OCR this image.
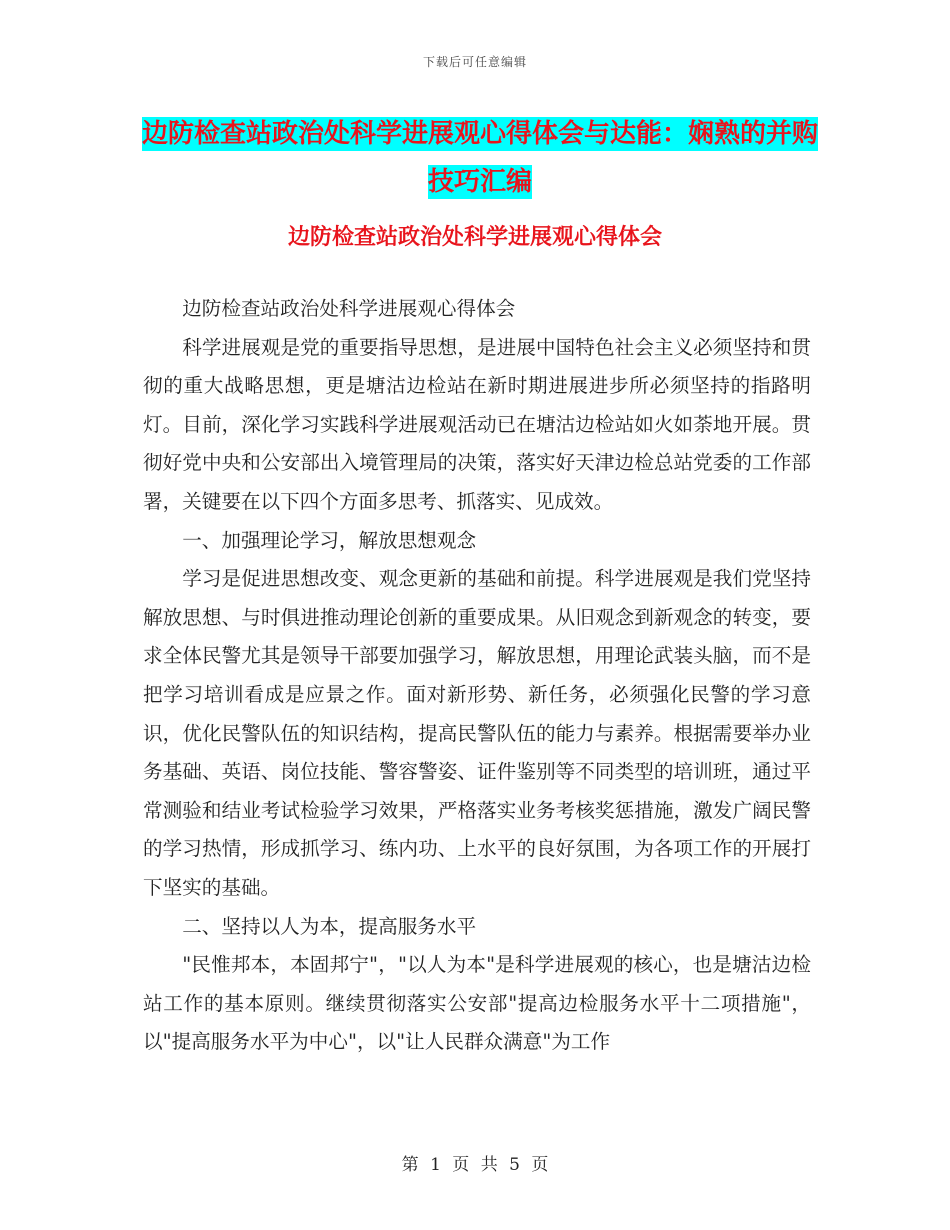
下载后可任意编辑
边防检查站政治处科学进展观心得体会与达能：娴熟的并购技巧汇编
边防检查站政治处科学进展观心得体会

边防检查站政治处科学进展观心得体会

科学进展观是党的重要指导思想，是进展中国特色社会主义必须坚持和贯彻的重大战略思想，更是塘沽边检站在新时期进展进步所必须坚持的指路明灯。目前，深化学习实践科学进展观活动已在塘沽边检站如火如荼地开展。贯彻好党中央和公安部出入境管理局的决策，落实好天津边检总站党委的工作部署，关键要在以下四个方面多思考、抓落实、见成效。

一、加强理论学习，解放思想观念

学习是促进思想改变、观念更新的基础和前提。科学进展观是我们党坚持解放思想、与时俱进推动理论创新的重要成果。从旧观念到新观念的转变，要求全体民警尤其是领导干部要加强学习，解放思想，用理论武装头脑，而不是把学习培训看成是应景之作。面对新形势、新任务，必须强化民警的学习意识，优化民警队伍的知识结构，提高民警队伍的能力与素养。根据需要举办业务基础、英语、岗位技能、警容警姿、证件鉴别等不同类型的培训班，通过平常测验和结业考试检验学习效果，严格落实业务考核奖惩措施，激发广阔民警的学习热情，形成抓学习、练内功、上水平的良好氛围，为各项工作的开展打下坚实的基础。

二、坚持以人为本，提高服务水平

"民惟邦本，本固邦宁"，"以人为本"是科学进展观的核心，也是塘沽边检站工作的基本原则。继续贯彻落实公安部"提高边检服务水平十二项措施"，以"提高服务水平为中心"，以"让人民群众满意"为工作

第 1 页 共 5 页
